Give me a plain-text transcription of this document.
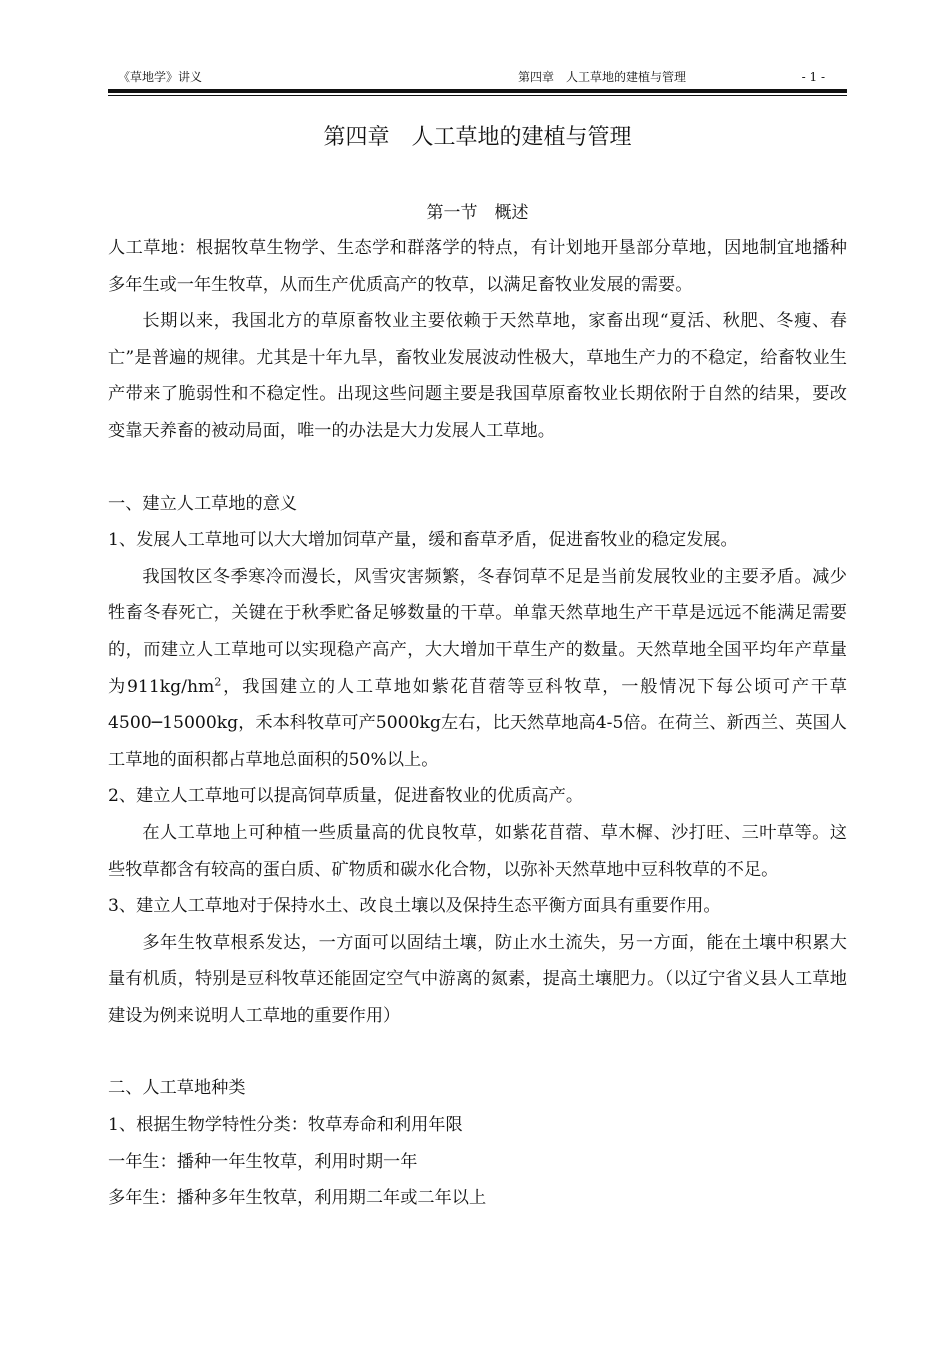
《草地学》讲义	第四章　人工草地的建植与管理	- 1 -
第四章　人工草地的建植与管理
第一节　概述

人工草地：根据牧草生物学、生态学和群落学的特点，有计划地开垦部分草地，因地制宜地播种多年生或一年生牧草，从而生产优质高产的牧草，以满足畜牧业发展的需要。

长期以来，我国北方的草原畜牧业主要依赖于天然草地，家畜出现“夏活、秋肥、冬瘦、春亡”是普遍的规律。尤其是十年九旱，畜牧业发展波动性极大，草地生产力的不稳定，给畜牧业生产带来了脆弱性和不稳定性。出现这些问题主要是我国草原畜牧业长期依附于自然的结果，要改变靠天养畜的被动局面，唯一的办法是大力发展人工草地。

一、建立人工草地的意义

1、发展人工草地可以大大增加饲草产量，缓和畜草矛盾，促进畜牧业的稳定发展。

我国牧区冬季寒冷而漫长，风雪灾害频繁，冬春饲草不足是当前发展牧业的主要矛盾。减少牲畜冬春死亡，关键在于秋季贮备足够数量的干草。单靠天然草地生产干草是远远不能满足需要的，而建立人工草地可以实现稳产高产，大大增加干草生产的数量。天然草地全国平均年产草量为$911kg/hm^2$，我国建立的人工草地如紫花苜蓿等豆科牧草，一般情况下每公顷可产干草4500─15000kg，禾本科牧草可产5000kg左右，比天然草地高4-5倍。在荷兰、新西兰、英国人工草地的面积都占草地总面积的50%以上。

2、建立人工草地可以提高饲草质量，促进畜牧业的优质高产。

在人工草地上可种植一些质量高的优良牧草，如紫花苜蓿、草木樨、沙打旺、三叶草等。这些牧草都含有较高的蛋白质、矿物质和碳水化合物，以弥补天然草地中豆科牧草的不足。

3、建立人工草地对于保持水土、改良土壤以及保持生态平衡方面具有重要作用。

多年生牧草根系发达，一方面可以固结土壤，防止水土流失，另一方面，能在土壤中积累大量有机质，特别是豆科牧草还能固定空气中游离的氮素，提高土壤肥力。（以辽宁省义县人工草地建设为例来说明人工草地的重要作用）

二、人工草地种类

1、根据生物学特性分类：牧草寿命和利用年限

一年生：播种一年生牧草，利用时期一年

多年生：播种多年生牧草，利用期二年或二年以上
